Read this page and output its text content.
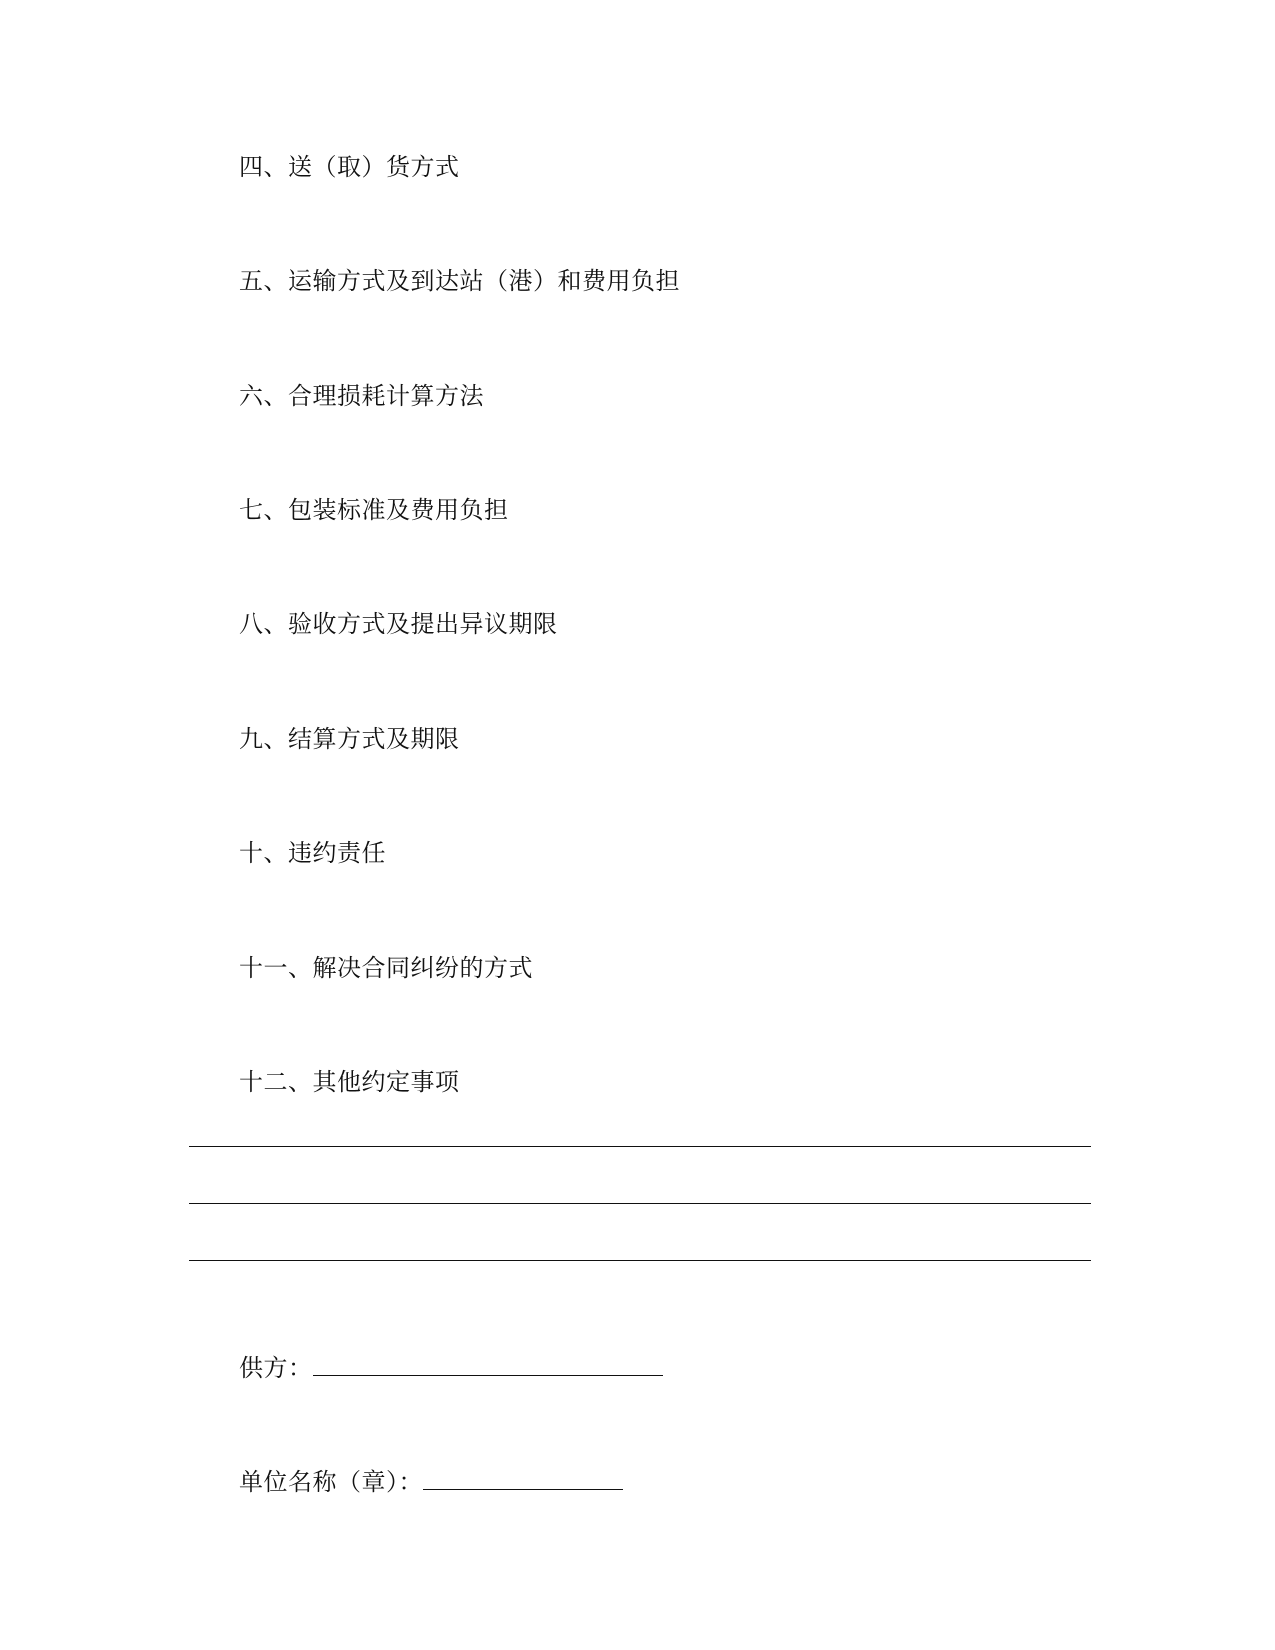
四、送（取）货方式

五、运输方式及到达站（港）和费用负担

六、合理损耗计算方法

七、包装标准及费用负担

八、验收方式及提出异议期限

九、结算方式及期限

十、违约责任

十一、解决合同纠纷的方式

十二、其他约定事项

供方：
单位名称（章）：
